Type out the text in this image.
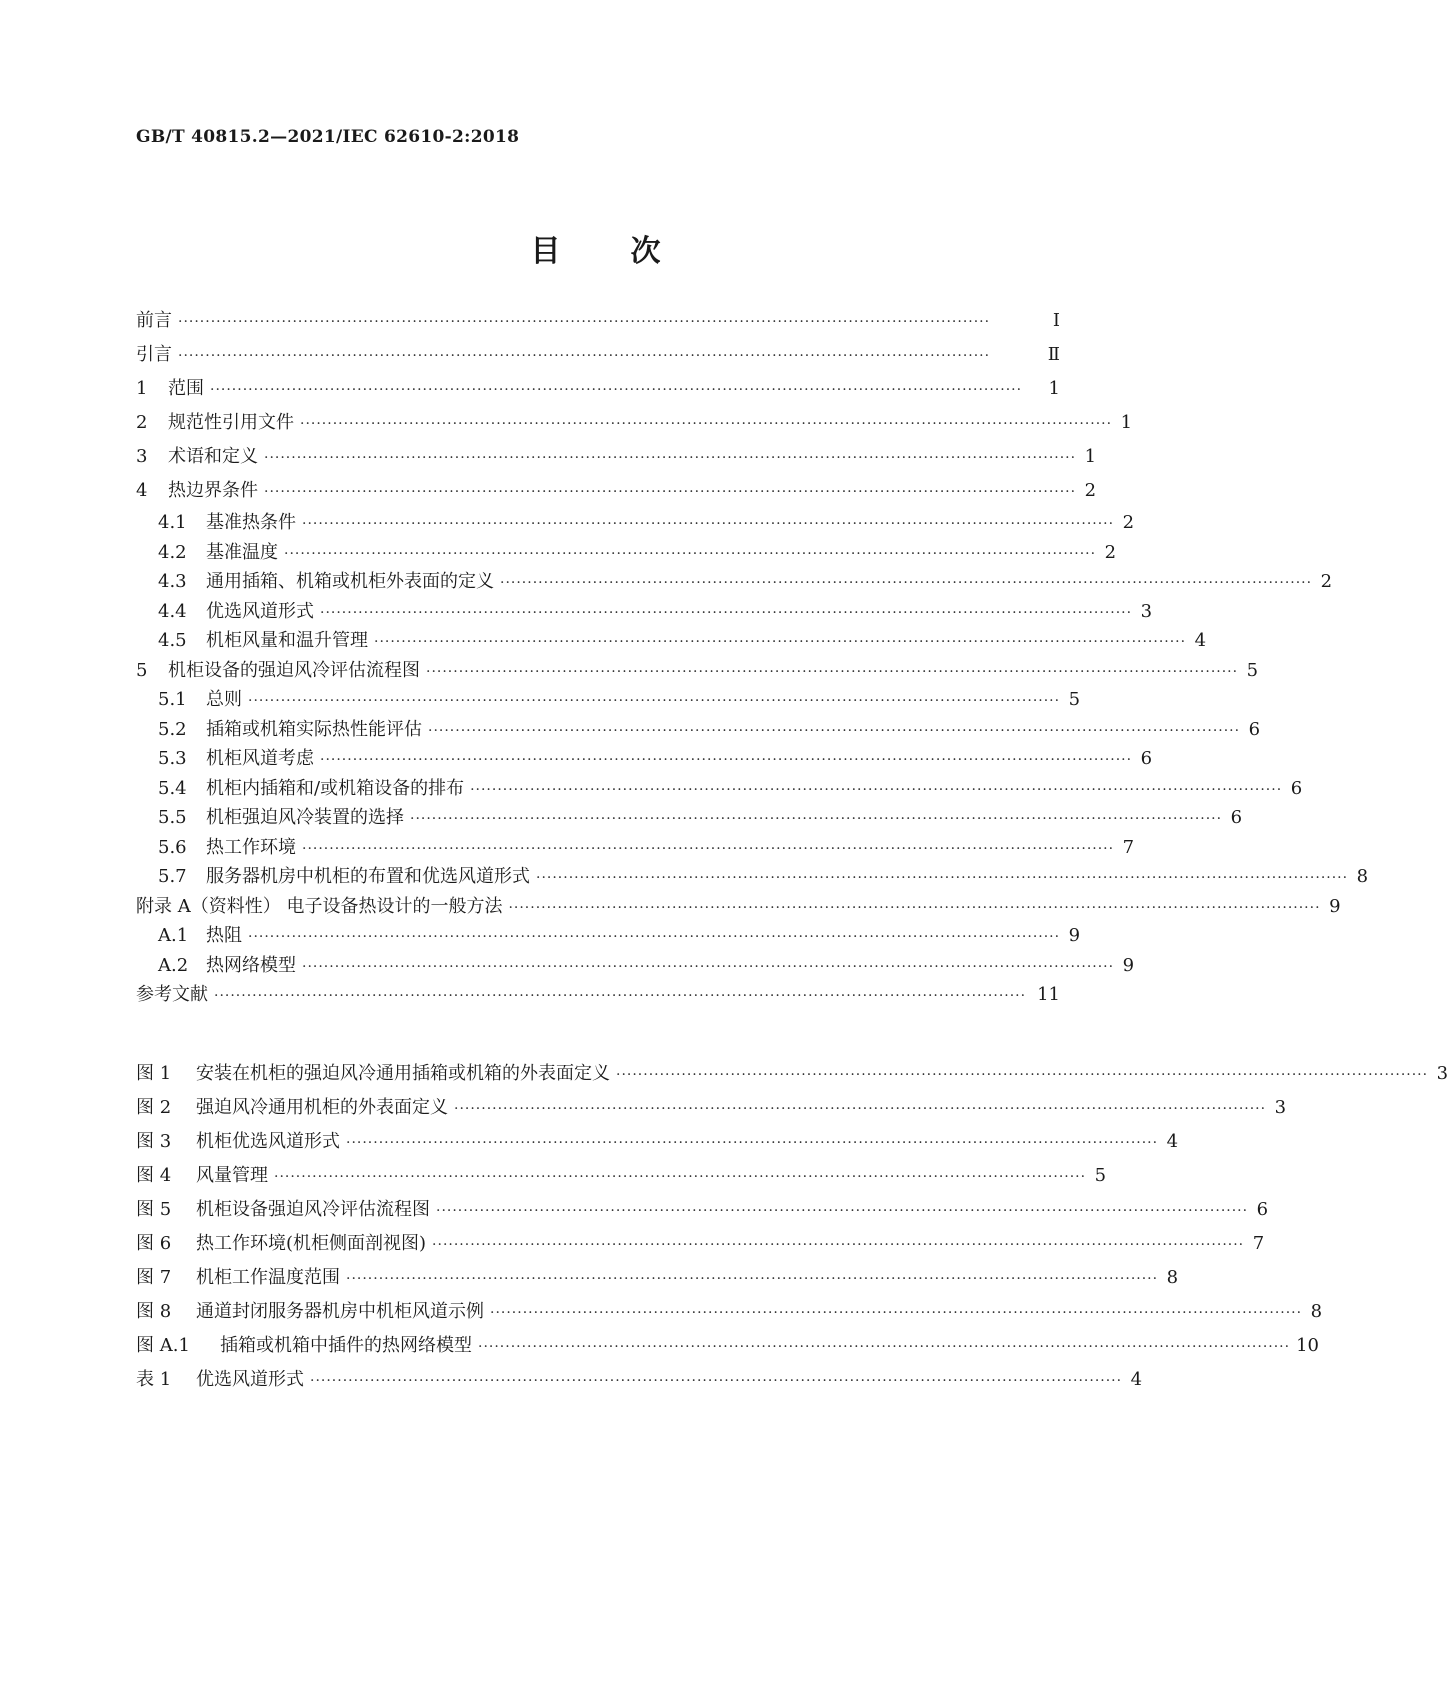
GB/T 40815.2—2021/IEC 62610-2:2018
目 次
前言 ·····················································································································································	Ⅰ
引言 ·····················································································································································	Ⅱ
1	范围 ·····················································································································································	1
2	规范性引用文件 ····················································································································································· 1
3	术语和定义 ····················································································································································· 1
4	热边界条件 ····················································································································································· 2
4.1	基准热条件 ····················································································································································· 2
4.2	基准温度 ····················································································································································· 2
4.3	通用插箱、机箱或机柜外表面的定义 ····················································································································································· 2
4.4	优选风道形式 ····················································································································································· 3
4.5	机柜风量和温升管理 ····················································································································································· 4
5	机柜设备的强迫风冷评估流程图 ····················································································································································· 5
5.1	总则 ····················································································································································· 5
5.2	插箱或机箱实际热性能评估 ····················································································································································· 6
5.3	机柜风道考虑 ····················································································································································· 6
5.4	机柜内插箱和/或机箱设备的排布 ····················································································································································· 6
5.5	机柜强迫风冷装置的选择 ····················································································································································· 6
5.6	热工作环境 ····················································································································································· 7
5.7	服务器机房中机柜的布置和优选风道形式 ····················································································································································· 8
附录 A（资料性） 电子设备热设计的一般方法 ····················································································································································· 9
A.1 热阻 ····················································································································································· 9
A.2 热网络模型 ····················································································································································· 9
参考文献 ····················································································································································· 11
图 1	安装在机柜的强迫风冷通用插箱或机箱的外表面定义 ····················································································································································· 3
图 2	强迫风冷通用机柜的外表面定义 ····················································································································································· 3
图 3	机柜优选风道形式 ····················································································································································· 4
图 4	风量管理 ····················································································································································· 5
图 5	机柜设备强迫风冷评估流程图 ····················································································································································· 6
图 6	热工作环境(机柜侧面剖视图) ····················································································································································· 7
图 7	机柜工作温度范围 ····················································································································································· 8
图 8	通道封闭服务器机房中机柜风道示例 ····················································································································································· 8
图 A.1	插箱或机箱中插件的热网络模型 ····················································································································································· 10
表 1	优选风道形式 ····················································································································································· 4
